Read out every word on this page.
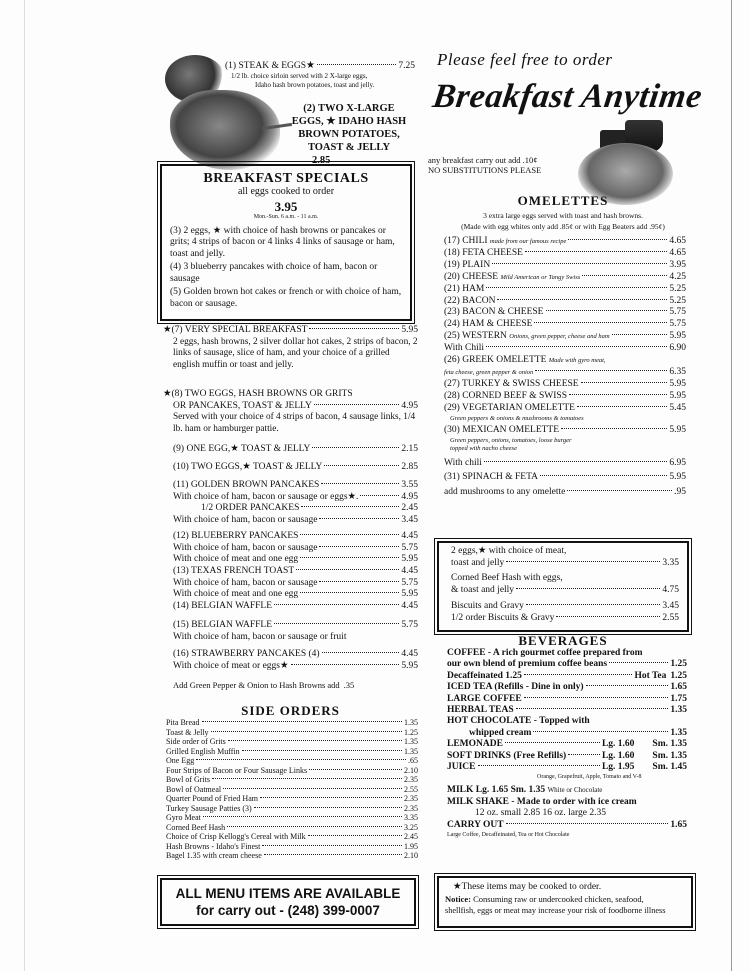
(1) STEAK & EGGS★	7.25
1/2 lb. choice sirloin served with 2 X-large eggs,
Idaho hash brown potatoes, toast and jelly.
(2) TWO X-LARGE
EGGS, ★ IDAHO HASH
BROWN POTATOES,
TOAST & JELLY
2.85
BREAKFAST SPECIALS
all eggs cooked to order
3.95
Mon.-Sun. 6 a.m. - 11 a.m.

(3) 2 eggs, ★ with choice of hash browns or pancakes or grits; 4 strips of bacon or 4 links 4 links of sausage or ham, toast and jelly.

(4) 3 blueberry pancakes with choice of ham, bacon or sausage

(5) Golden brown hot cakes or french or with choice of ham, bacon or sausage.

★(7) VERY SPECIAL BREAKFAST	5.95
2 eggs, hash browns, 2 silver dollar hot cakes, 2 strips of bacon, 2 links of sausage, slice of ham, and your choice of a grilled english muffin or toast and jelly.
★(8) TWO EGGS, HASH BROWNS OR GRITS
OR PANCAKES, TOAST & JELLY	4.95
Served with your choice of 4 strips of bacon, 4 sausage links, 1/4 lb. ham or hamburger pattie.
(9) ONE EGG,★ TOAST & JELLY	2.15
(10) TWO EGGS,★ TOAST & JELLY	2.85
(11) GOLDEN BROWN PANCAKES	3.55
With choice of ham, bacon or sausage or eggs★.	4.95
1/2 ORDER PANCAKES	2.45
With choice of ham, bacon or sausage	3.45
(12) BLUEBERRY PANCAKES	4.45
With choice of ham, bacon or sausage	5.75
With choice of meat and one egg	5.95
(13) TEXAS FRENCH TOAST	4.45
With choice of ham, bacon or sausage	5.75
With choice of meat and one egg	5.95
(14) BELGIAN WAFFLE	4.45
(15) BELGIAN WAFFLE	5.75
With choice of ham, bacon or sausage or fruit
(16) STRAWBERRY PANCAKES (4)	4.45
With choice of meat or eggs★	5.95
Add Green Pepper & Onion to Hash Browns add .35
SIDE ORDERS
Pita Bread	1.35
Toast & Jelly	1.25
Side order of Grits	1.35
Grilled English Muffin	1.35
One Egg	.65
Four Strips of Bacon or Four Sausage Links	2.10
Bowl of Grits	2.35
Bowl of Oatmeal	2.55
Quarter Pound of Fried Ham	2.35
Turkey Sausage Patties (3)	2.35
Gyro Meat	3.35
Corned Beef Hash	3.25
Choice of Crisp Kellogg's Cereal with Milk	2.45
Hash Browns - Idaho's Finest	1.95
Bagel 1.35 with cream cheese	2.10
ALL MENU ITEMS ARE AVAILABLE
for carry out - (248) 399-0007
Please feel free to order
Breakfast Anytime
any breakfast carry out add .10¢
NO SUBSTITUTIONS PLEASE
OMELETTES
3 extra large eggs served with toast and hash browns.
(Made with egg whites only add .85¢ or with Egg Beaters add .95¢)
(17) CHILI made from our famous recipe	4.65
(18) FETA CHEESE	4.65
(19) PLAIN	3.95
(20) CHEESE Mild American or Tangy Swiss	4.25
(21) HAM	5.25
(22) BACON	5.25
(23) BACON & CHEESE	5.75
(24) HAM & CHEESE	5.75
(25) WESTERN Onions, green pepper, cheese and ham	5.95
With Chili	6.90
(26) GREEK OMELETTE Made with gyro meat,
feta cheese, green pepper & onion	6.35
(27) TURKEY & SWISS CHEESE	5.95
(28) CORNED BEEF & SWISS	5.95
(29) VEGETARIAN OMELETTE	5.45
Green peppers & onions & mushrooms & tomatoes
(30) MEXICAN OMELETTE	5.95
Green peppers, onions, tomatoes, loose burger
topped with nacho cheese
With chili	6.95
(31) SPINACH & FETA	5.95
add mushrooms to any omelette	.95
2 eggs,★ with choice of meat,
toast and jelly	3.35
Corned Beef Hash with eggs,
& toast and jelly	4.75
Biscuits and Gravy	3.45
1/2 order Biscuits & Gravy	2.55
BEVERAGES
COFFEE - A rich gourmet coffee prepared from
our own blend of premium coffee beans	1.25
Decaffeinated 1.25	Hot Tea 1.25
ICED TEA (Refills - Dine in only)	1.65
LARGE COFFEE	1.75
HERBAL TEAS	1.35
HOT CHOCOLATE - Topped with
whipped cream	1.35
LEMONADE	Lg. 1.60 Sm. 1.35
SOFT DRINKS (Free Refills)	Lg. 1.60 Sm. 1.35
JUICE	Lg. 1.95 Sm. 1.45
Orange, Grapefruit, Apple, Tomato and V-8
MILK Lg. 1.65 Sm. 1.35 White or Chocolate
MILK SHAKE - Made to order with ice cream
12 oz. small 2.85 16 oz. large 2.35
CARRY OUT	1.65
Large Coffee, Decaffeinated, Tea or Hot Chocolate
★These items may be cooked to order.
Notice: Consuming raw or undercooked chicken, seafood,
shellfish, eggs or meat may increase your risk of foodborne illness
